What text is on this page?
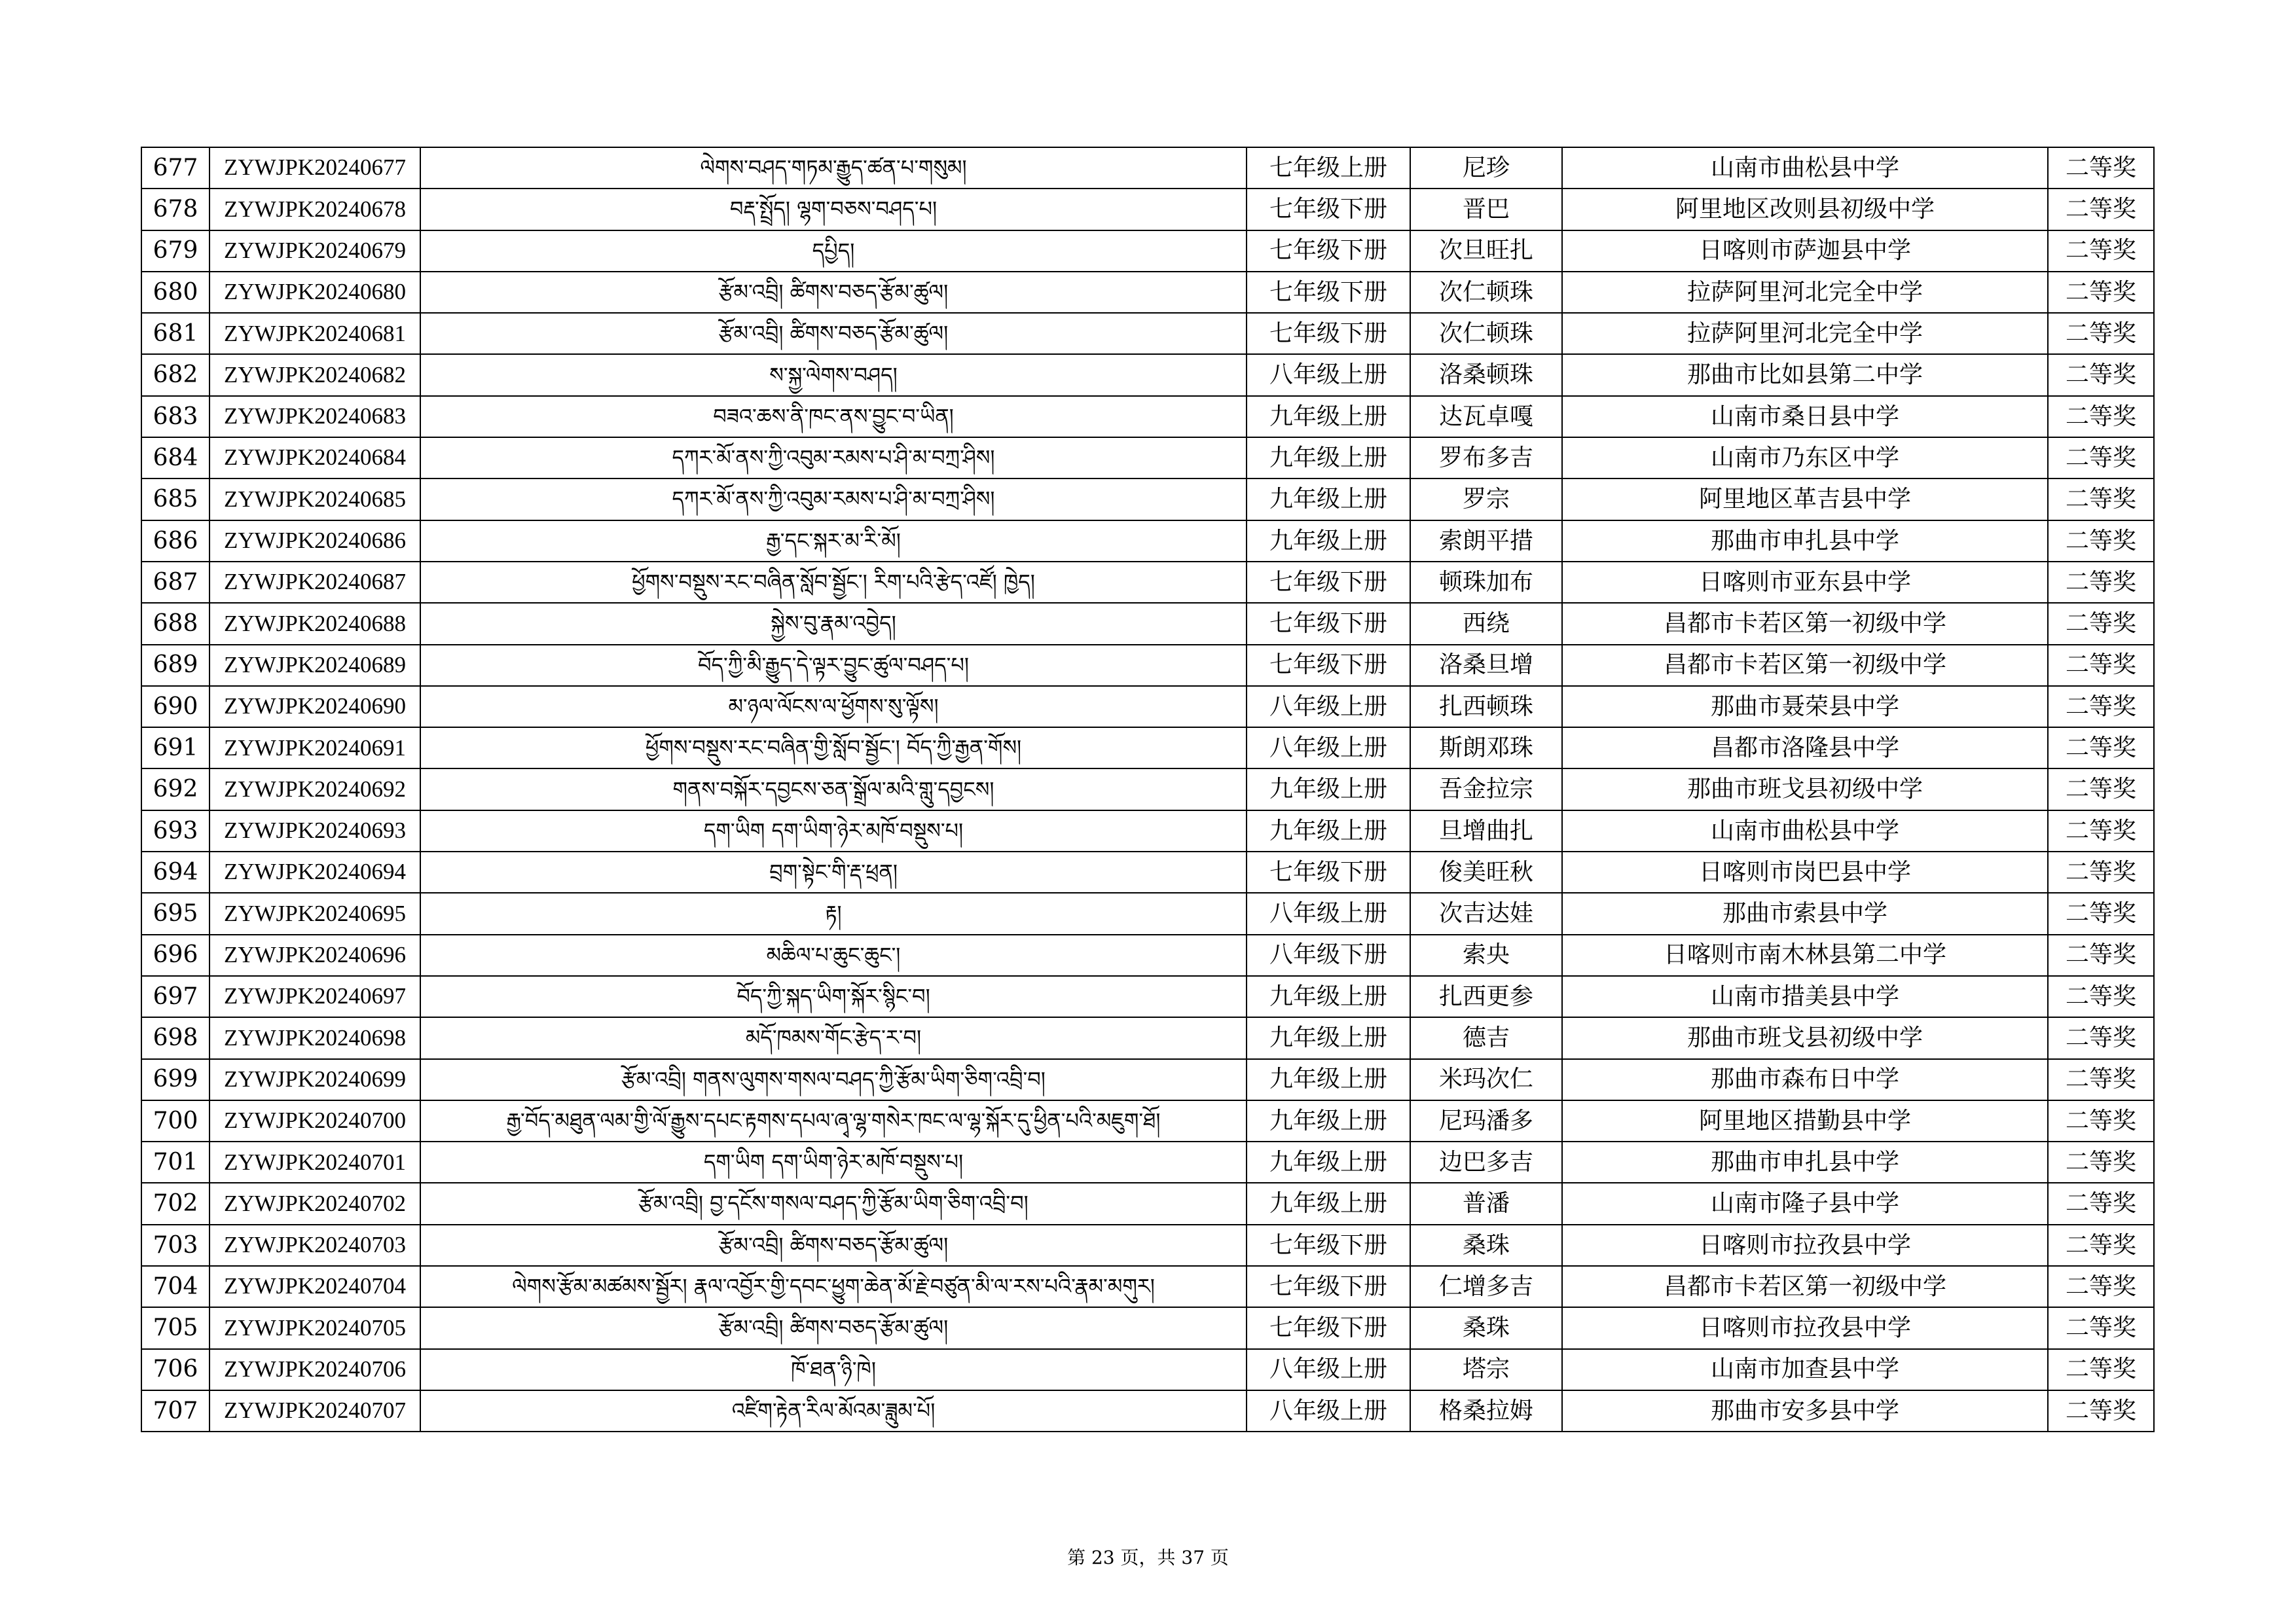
677	ZYWJPK20240677	ལེགས་བཤད་གཏམ་རྒྱུད་ཚན་པ་གསུམ།	七年级上册	尼珍	山南市曲松县中学	二等奖
678	ZYWJPK20240678	བརྡ་སྤྲོད། ལྷག་བཅས་བཤད་པ།	七年级下册	晋巴	阿里地区改则县初级中学	二等奖
679	ZYWJPK20240679	དཔྱིད།	七年级下册	次旦旺扎	日喀则市萨迦县中学	二等奖
680	ZYWJPK20240680	རྩོམ་འབྲི། ཚིགས་བཅད་རྩོམ་ཚུལ།	七年级下册	次仁顿珠	拉萨阿里河北完全中学	二等奖
681	ZYWJPK20240681	རྩོམ་འབྲི། ཚིགས་བཅད་རྩོམ་ཚུལ།	七年级下册	次仁顿珠	拉萨阿里河北完全中学	二等奖
682	ZYWJPK20240682	ས་སྐྱ་ལེགས་བཤད།	八年级上册	洛桑顿珠	那曲市比如县第二中学	二等奖
683	ZYWJPK20240683	བཟའ་ཆས་ནི་ཁང་ནས་བྱུང་བ་ཡིན།	九年级上册	达瓦卓嘎	山南市桑日县中学	二等奖
684	ZYWJPK20240684	དཀར་མོ་ནས་ཀྱི་འབུམ་རམས་པ་ཤི་མ་བཀྲ་ཤིས།	九年级上册	罗布多吉	山南市乃东区中学	二等奖
685	ZYWJPK20240685	དཀར་མོ་ནས་ཀྱི་འབུམ་རམས་པ་ཤི་མ་བཀྲ་ཤིས།	九年级上册	罗宗	阿里地区革吉县中学	二等奖
686	ZYWJPK20240686	རྒྱ་དང་སྐར་མ་རི་མོ།	九年级上册	索朗平措	那曲市申扎县中学	二等奖
687	ZYWJPK20240687	ཕྱོགས་བསྡུས་རང་བཞིན་སློབ་སྦྱོང་། རིག་པའི་རྩེད་འཛོ། ཁྱེད།	七年级下册	顿珠加布	日喀则市亚东县中学	二等奖
688	ZYWJPK20240688	སྐྱེས་བུ་རྣམ་འབྱེད།	七年级下册	西绕	昌都市卡若区第一初级中学	二等奖
689	ZYWJPK20240689	བོད་ཀྱི་མི་རྒྱུད་དེ་ལྟར་བྱུང་ཚུལ་བཤད་པ།	七年级下册	洛桑旦增	昌都市卡若区第一初级中学	二等奖
690	ZYWJPK20240690	མ་ཉལ་ལོངས་ལ་ཕྱོགས་སུ་ལྟོས།	八年级上册	扎西顿珠	那曲市聂荣县中学	二等奖
691	ZYWJPK20240691	ཕྱོགས་བསྡུས་རང་བཞིན་གྱི་སློབ་སྦྱོང་། བོད་ཀྱི་རྒྱན་གོས།	八年级上册	斯朗邓珠	昌都市洛隆县中学	二等奖
692	ZYWJPK20240692	གནས་བསྐོར་དབྱངས་ཅན་སྒྲོལ་མའི་གླུ་དབྱངས།	九年级上册	吾金拉宗	那曲市班戈县初级中学	二等奖
693	ZYWJPK20240693	དག་ཡིག དག་ཡིག་ཉེར་མཁོ་བསྡུས་པ།	九年级上册	旦增曲扎	山南市曲松县中学	二等奖
694	ZYWJPK20240694	བྲག་སྟེང་གི་རྡ་ཕྲན།	七年级下册	俊美旺秋	日喀则市岗巴县中学	二等奖
695	ZYWJPK20240695	རྟ།	八年级上册	次吉达娃	那曲市索县中学	二等奖
696	ZYWJPK20240696	མཆིལ་པ་ཆུང་ཆུང་།	八年级下册	索央	日喀则市南木林县第二中学	二等奖
697	ZYWJPK20240697	བོད་ཀྱི་སྐད་ཡིག་སྐོར་སྙིང་བ།	九年级上册	扎西更参	山南市措美县中学	二等奖
698	ZYWJPK20240698	མདོ་ཁམས་གོང་རྩེད་ར་བ།	九年级上册	德吉	那曲市班戈县初级中学	二等奖
699	ZYWJPK20240699	རྩོམ་འབྲི། གནས་ལུགས་གསལ་བཤད་ཀྱི་རྩོམ་ཡིག་ཅིག་འབྲི་བ།	九年级上册	米玛次仁	那曲市森布日中学	二等奖
700	ZYWJPK20240700	རྒྱ་བོད་མཐུན་ལམ་གྱི་ལོ་རྒྱུས་དཔང་རྟགས་དཔལ་ཞྭ་ལྷ་གསེར་ཁང་ལ་ལྷ་སྐོར་དུ་ཕྱིན་པའི་མཇུག་ཐོ།	九年级上册	尼玛潘多	阿里地区措勤县中学	二等奖
701	ZYWJPK20240701	དག་ཡིག དག་ཡིག་ཉེར་མཁོ་བསྡུས་པ།	九年级上册	边巴多吉	那曲市申扎县中学	二等奖
702	ZYWJPK20240702	རྩོམ་འབྲི། བྱ་དངོས་གསལ་བཤད་ཀྱི་རྩོམ་ཡིག་ཅིག་འབྲི་བ།	九年级上册	普潘	山南市隆子县中学	二等奖
703	ZYWJPK20240703	རྩོམ་འབྲི། ཚིགས་བཅད་རྩོམ་ཚུལ།	七年级下册	桑珠	日喀则市拉孜县中学	二等奖
704	ZYWJPK20240704	ལེགས་རྩོམ་མཚམས་སྦྱོར། རྣལ་འབྱོར་གྱི་དབང་ཕྱུག་ཆེན་མོ་རྗེ་བཙུན་མི་ལ་རས་པའི་རྣམ་མགུར།	七年级下册	仁增多吉	昌都市卡若区第一初级中学	二等奖
705	ZYWJPK20240705	རྩོམ་འབྲི། ཚིགས་བཅད་རྩོམ་ཚུལ།	七年级下册	桑珠	日喀则市拉孜县中学	二等奖
706	ZYWJPK20240706	ཁོ་ཐན་ཉི་ཁེ།	八年级上册	塔宗	山南市加查县中学	二等奖
707	ZYWJPK20240707	འཛིག་རྟེན་རིལ་མོའམ་ཟླུམ་པོ།	八年级上册	格桑拉姆	那曲市安多县中学	二等奖
第 23 页，共 37 页
